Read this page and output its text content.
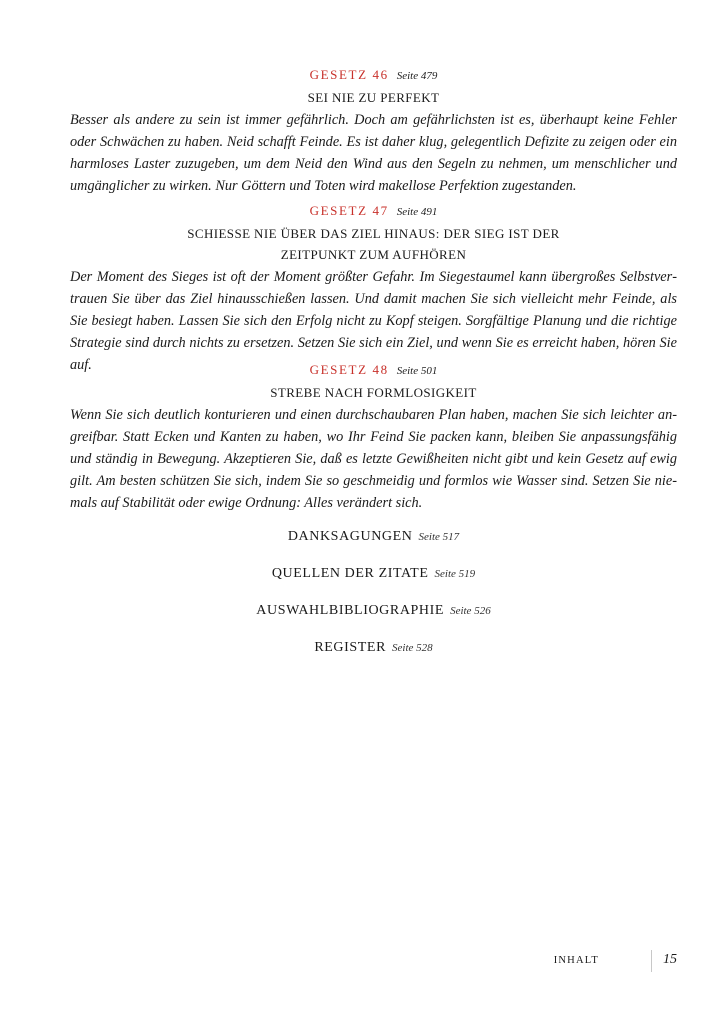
GESETZ 46 Seite 479
SEI NIE ZU PERFEKT
Besser als andere zu sein ist immer gefährlich. Doch am gefährlichsten ist es, überhaupt keine Fehler oder Schwächen zu haben. Neid schafft Feinde. Es ist daher klug, gelegentlich Defizite zu zeigen oder ein harmloses Laster zuzugeben, um dem Neid den Wind aus den Segeln zu nehmen, um menschlicher und umgänglicher zu wirken. Nur Göttern und Toten wird makellose Perfektion zugestanden.
GESETZ 47 Seite 491
SCHIESSE NIE ÜBER DAS ZIEL HINAUS: DER SIEG IST DER
ZEITPUNKT ZUM AUFHÖREN
Der Moment des Sieges ist oft der Moment größter Gefahr. Im Siegestaumel kann übergroßes Selbstvertrauen Sie über das Ziel hinausschießen lassen. Und damit machen Sie sich vielleicht mehr Feinde, als Sie besiegt haben. Lassen Sie sich den Erfolg nicht zu Kopf steigen. Sorgfältige Planung und die richtige Strategie sind durch nichts zu ersetzen. Setzen Sie sich ein Ziel, und wenn Sie es erreicht haben, hören Sie auf.	GESETZ 48 Seite 501
STREBE NACH FORMLOSIGKEIT
Wenn Sie sich deutlich konturieren und einen durchschaubaren Plan haben, machen Sie sich leichter angreifbar. Statt Ecken und Kanten zu haben, wo Ihr Feind Sie packen kann, bleiben Sie anpassungsfähig und ständig in Bewegung. Akzeptieren Sie, daß es letzte Gewißheiten nicht gibt und kein Gesetz auf ewig gilt. Am besten schützen Sie sich, indem Sie so geschmeidig und formlos wie Wasser sind. Setzen Sie niemals auf Stabilität oder ewige Ordnung: Alles verändert sich.
DANKSAGUNGEN Seite 517
QUELLEN DER ZITATE Seite 519
AUSWAHLBIBLIOGRAPHIE Seite 526
REGISTER Seite 528
INHALT	15
